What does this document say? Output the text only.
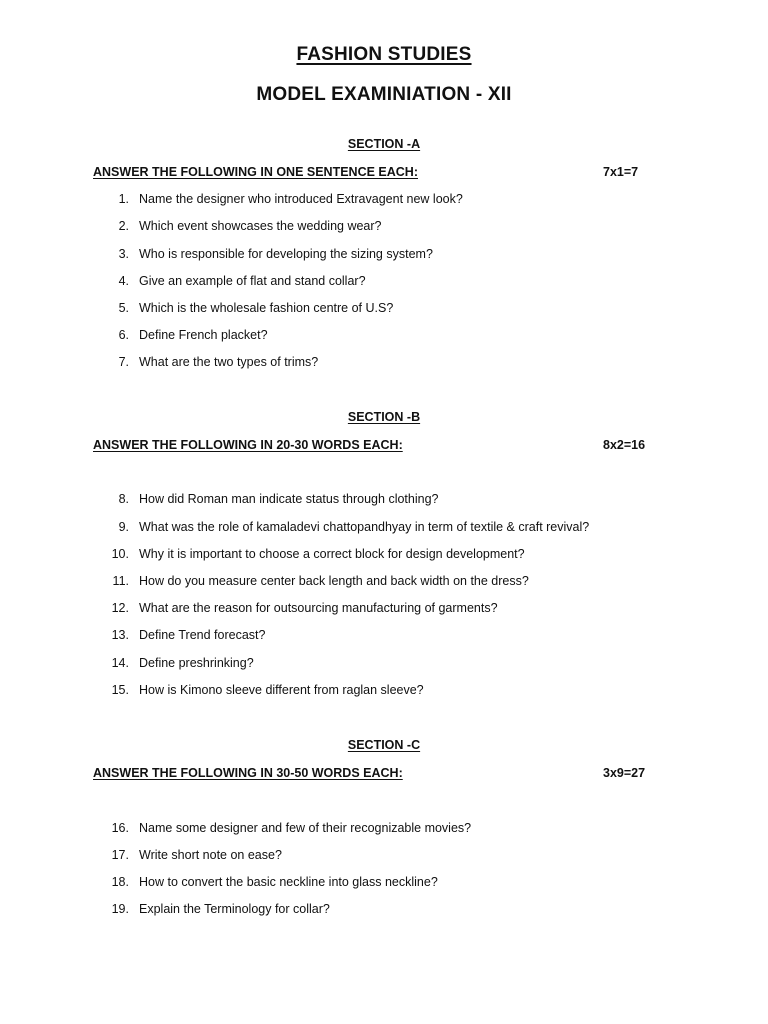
FASHION STUDIES
MODEL EXAMINIATION - XII
SECTION -A
ANSWER THE FOLLOWING IN ONE SENTENCE EACH:	7x1=7
1. Name the designer who introduced Extravagent new look?
2. Which event showcases the wedding wear?
3. Who is responsible for developing the sizing system?
4. Give an example of flat and stand collar?
5. Which is the wholesale fashion centre of U.S?
6. Define French placket?
7. What are the two types of trims?
SECTION -B
ANSWER THE FOLLOWING IN 20-30 WORDS EACH:	8x2=16
8. How did Roman man indicate status through clothing?
9. What was the role of kamaladevi chattopandhyay in term of textile & craft revival?
10. Why it is important to choose a correct block for design development?
11. How do you measure center back length and back width on the dress?
12. What are the reason for outsourcing manufacturing of garments?
13. Define Trend forecast?
14. Define preshrinking?
15. How is Kimono sleeve different from raglan sleeve?
SECTION -C
ANSWER THE FOLLOWING IN 30-50 WORDS EACH:	3x9=27
16. Name some designer and few of their recognizable movies?
17. Write short note on ease?
18. How to convert the basic neckline into glass neckline?
19. Explain the Terminology for collar?
